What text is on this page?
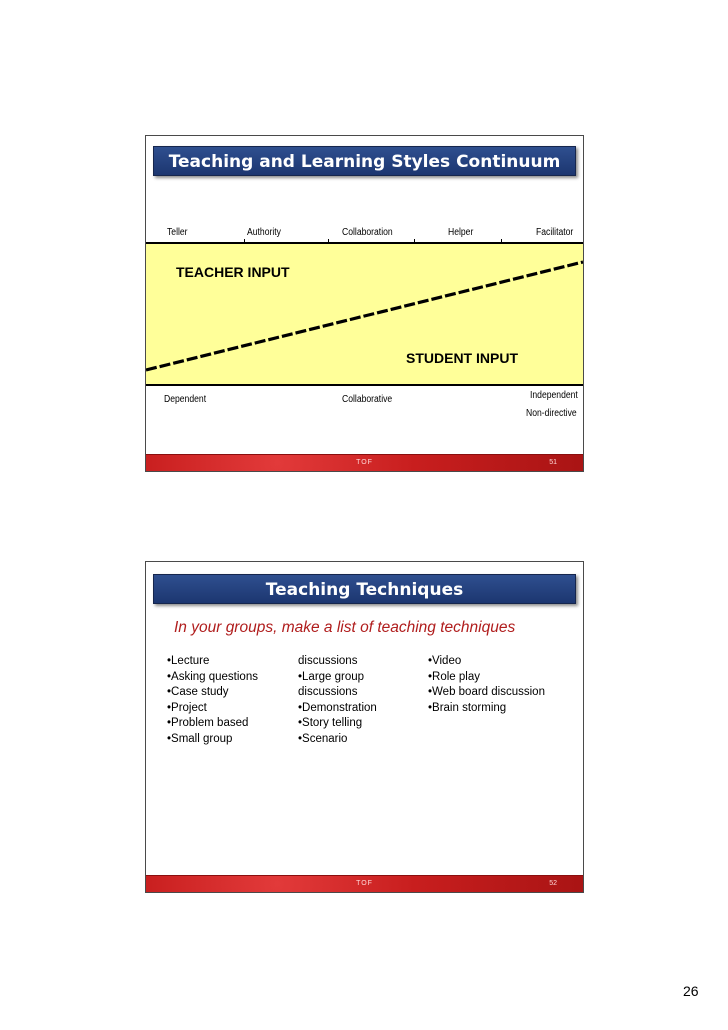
Teaching and Learning Styles Continuum
Teller	Authority	Collaboration	Helper	Facilitator
TEACHER INPUT
STUDENT INPUT
Dependent	Collaborative	Independent
Non-directive
TOF	51
Teaching Techniques
In your groups, make a list of teaching techniques
•Lecture
•Asking questions
•Case study
•Project
•Problem based
•Small group
discussions
•Large group
discussions
•Demonstration
•Story telling
•Scenario
•Video
•Role play
•Web board discussion
•Brain storming
TOF	52
26
